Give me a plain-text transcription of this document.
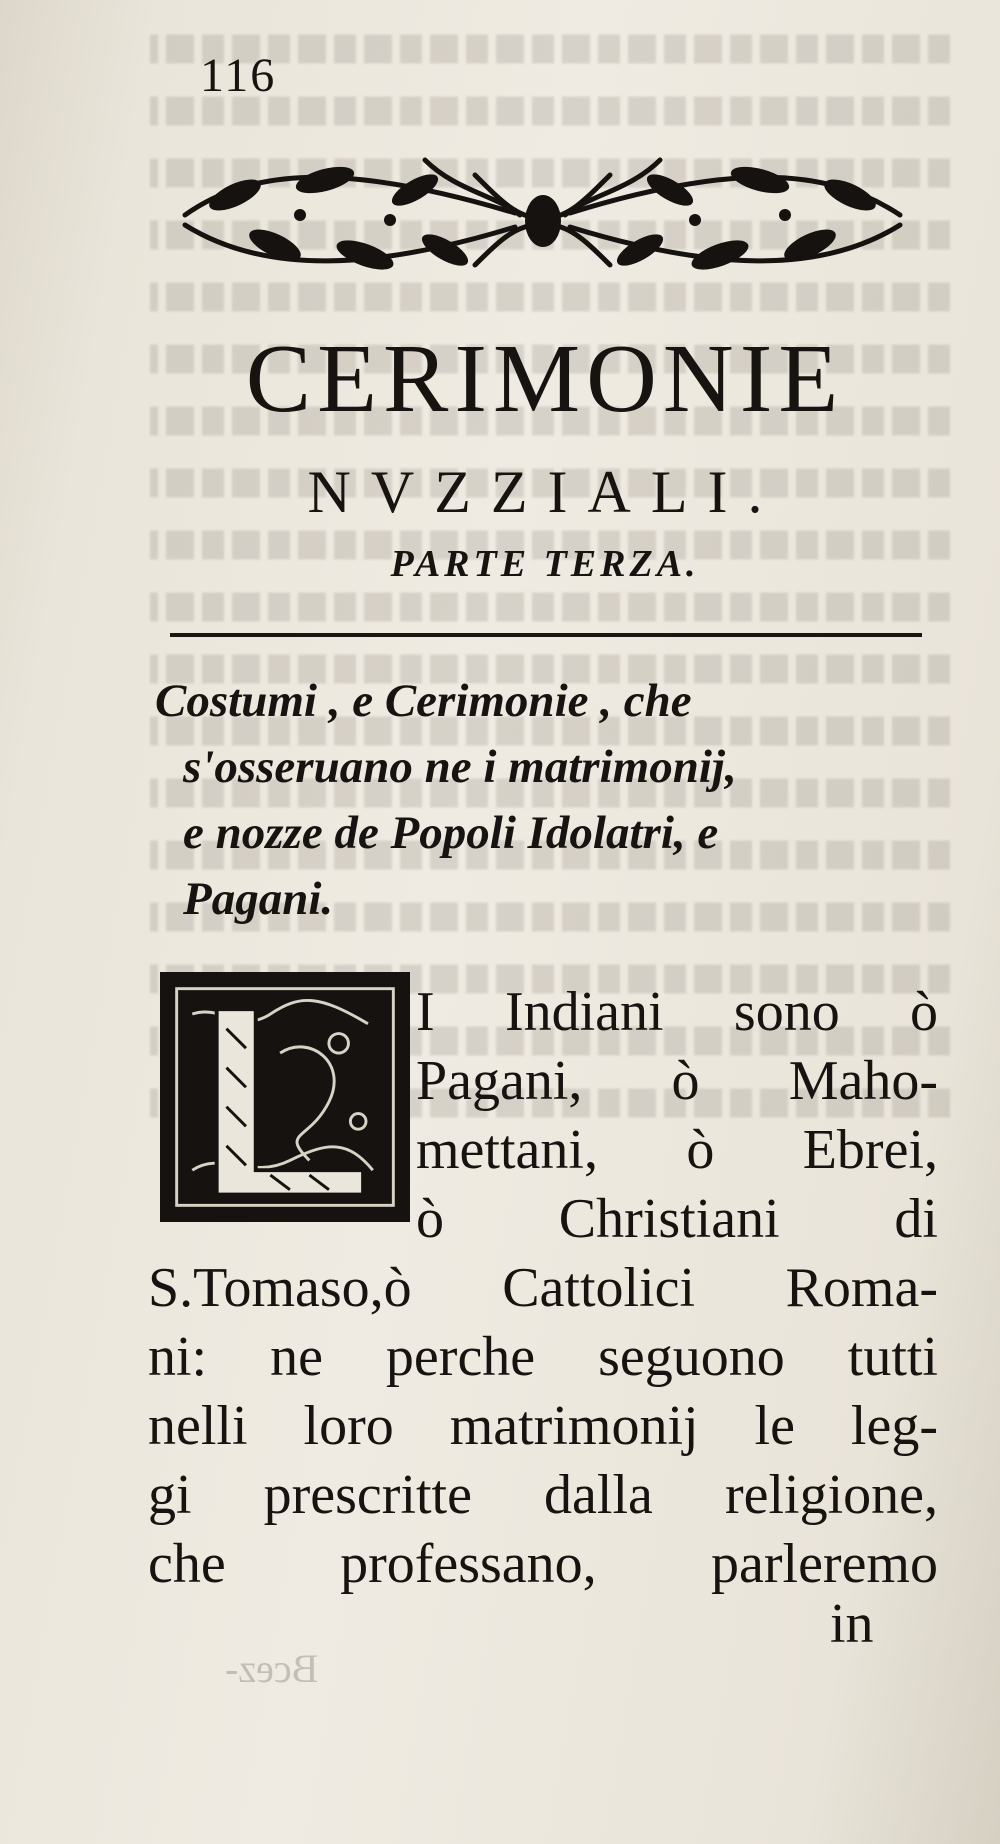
116
CERIMONIE
NVZZIALI.
PARTE TERZA.
Costumi , e Cerimonie , che
s'osseruano ne i matrimonij,
e nozze de Popoli Idolatri, e
Pagani.
I Indiani sono ò
Pagani, ò Maho-
mettani, ò Ebrei,
ò Christiani di
S.Tomaso,ò Cattolici Roma-
ni: ne perche seguono tutti
nelli loro matrimonij le leg-
gi prescritte dalla religione,
che professano, parleremo
in
Bcez-
